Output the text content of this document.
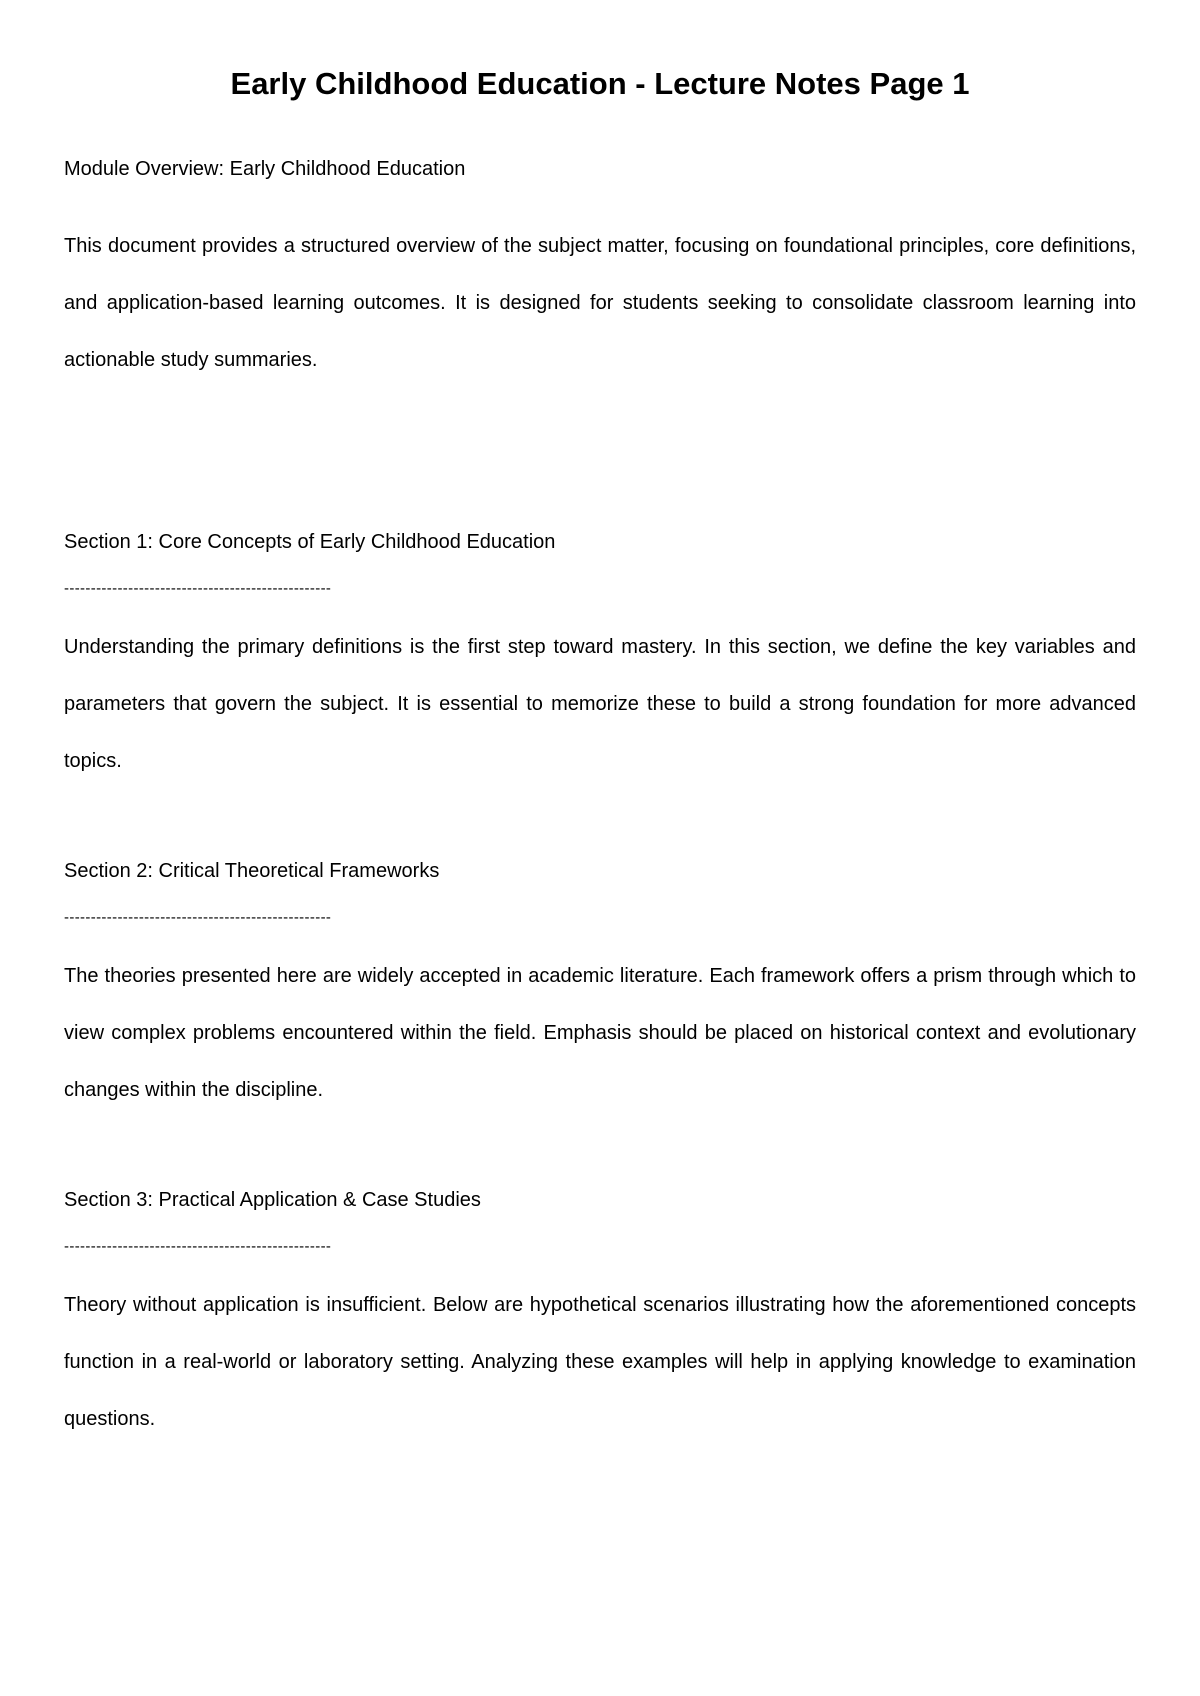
Early Childhood Education - Lecture Notes Page 1

Module Overview: Early Childhood Education

This document provides a structured overview of the subject matter, focusing on foundational principles, core definitions, and application-based learning outcomes. It is designed for students seeking to consolidate classroom learning into actionable study summaries.

Section 1: Core Concepts of Early Childhood Education

--------------------------------------------------

Understanding the primary definitions is the first step toward mastery. In this section, we define the key variables and parameters that govern the subject. It is essential to memorize these to build a strong foundation for more advanced topics.

Section 2: Critical Theoretical Frameworks

--------------------------------------------------

The theories presented here are widely accepted in academic literature. Each framework offers a prism through which to view complex problems encountered within the field. Emphasis should be placed on historical context and evolutionary changes within the discipline.

Section 3: Practical Application & Case Studies

--------------------------------------------------

Theory without application is insufficient. Below are hypothetical scenarios illustrating how the aforementioned concepts function in a real-world or laboratory setting. Analyzing these examples will help in applying knowledge to examination questions.
